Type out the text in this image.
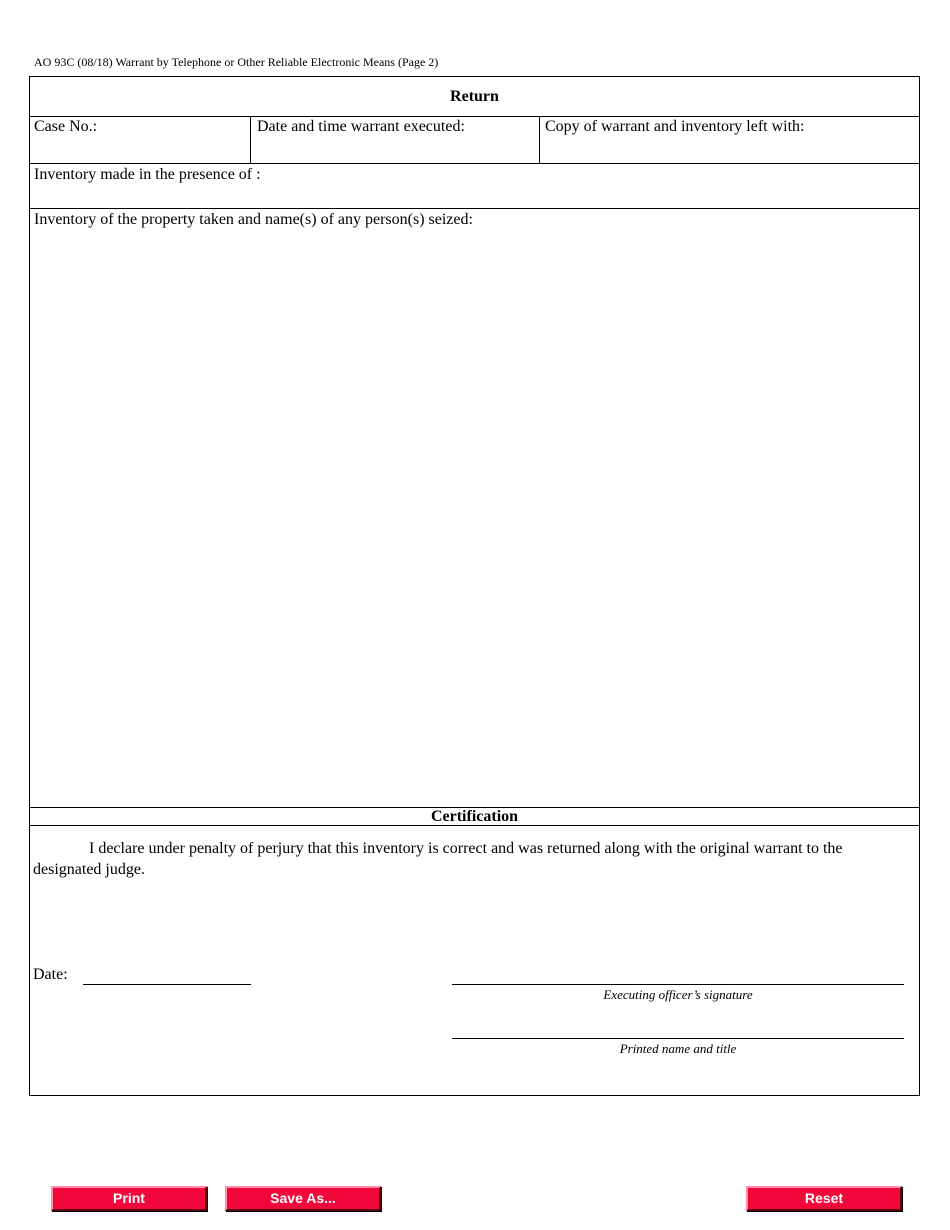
AO 93C (08/18) Warrant by Telephone or Other Reliable Electronic Means (Page 2)
Return
Case No.:	Date and time warrant executed:	Copy of warrant and inventory left with:
Inventory made in the presence of :
Inventory of the property taken and name(s) of any person(s) seized:
Certification
I declare under penalty of perjury that this inventory is correct and was returned along with the original warrant to the designated judge.
Date:
Executing officer’s signature
Printed name and title
Print	Save As...	Reset
